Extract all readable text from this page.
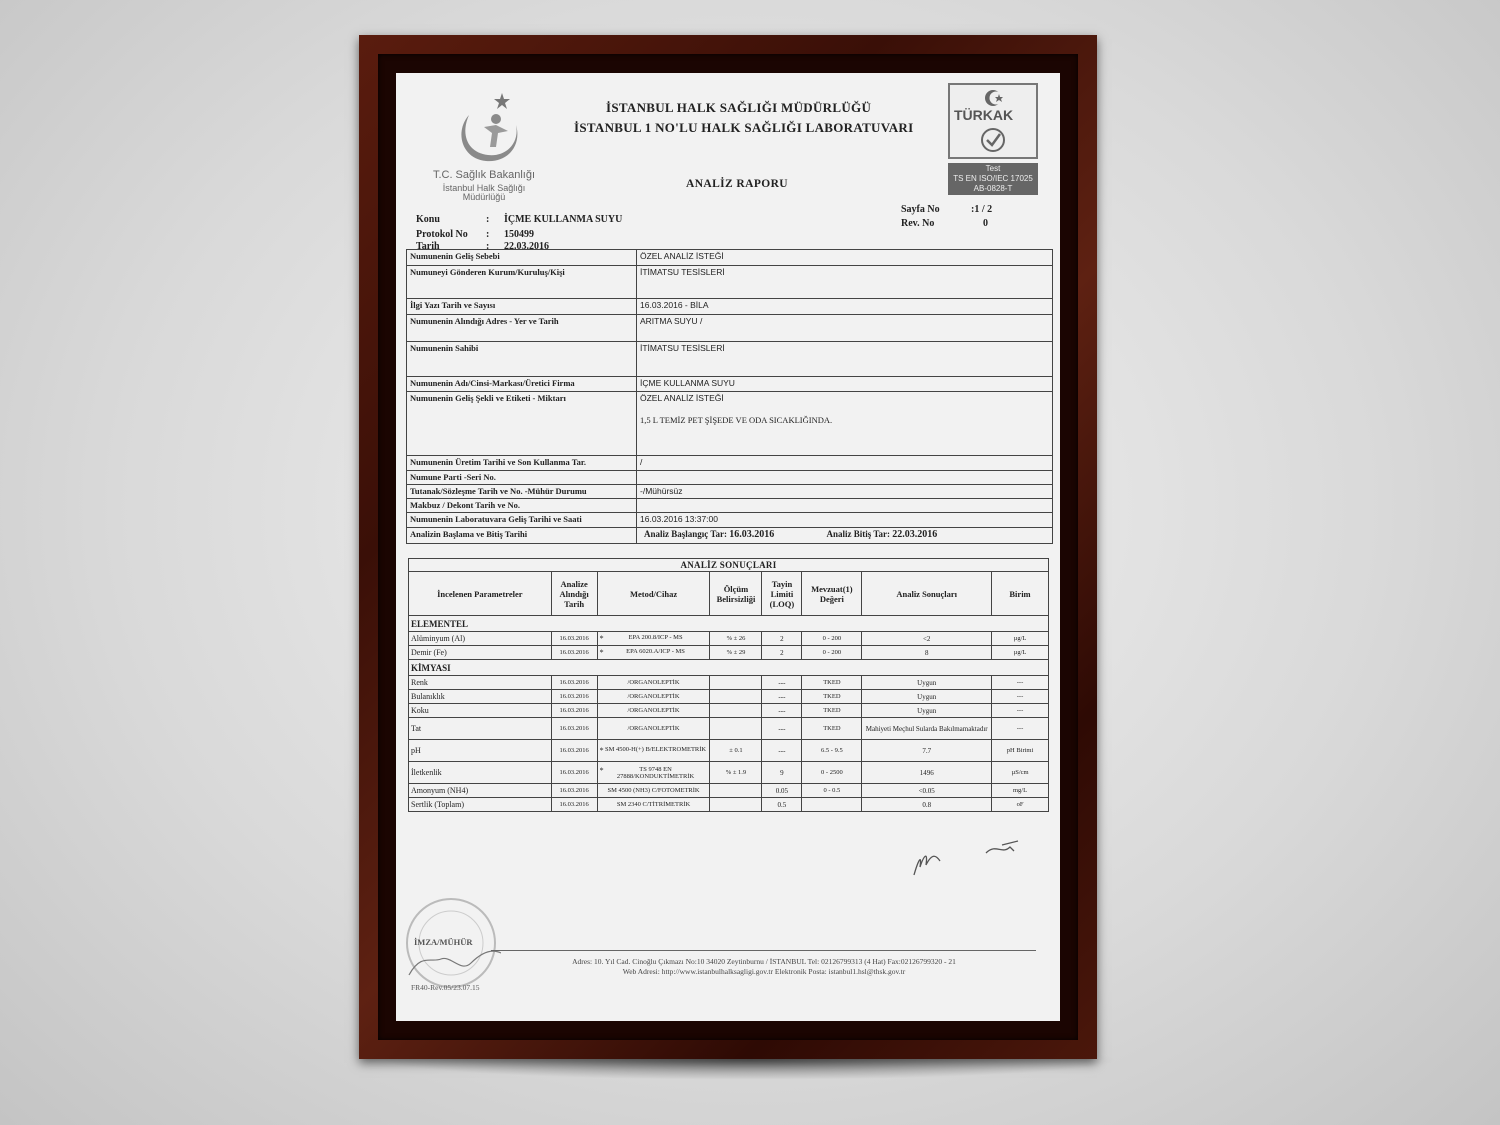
T.C. Sağlık Bakanlığı
İstanbul Halk Sağlığı Müdürlüğü
İSTANBUL HALK SAĞLIĞI MÜDÜRLÜĞÜ
İSTANBUL 1 NO'LU HALK SAĞLIĞI LABORATUVARI
ANALİZ RAPORU
TÜRKAK
Test
TS EN ISO/IEC 17025
AB-0828-T
Konu	: İÇME KULLANMA SUYU
Protokol No : 150499
Tarih	: 22.03.2016
Sayfa No	:1 / 2
Rev. No	0
Numunenin Geliş Sebebi	ÖZEL ANALİZ İSTEĞİ
Numuneyi Gönderen Kurum/Kuruluş/Kişi	İTİMATSU TESİSLERİ
İlgi Yazı Tarih ve Sayısı	16.03.2016 - BİLA
Numunenin Alındığı Adres - Yer ve Tarih	ARITMA SUYU /
Numunenin Sahibi	İTİMATSU TESİSLERİ
Numunenin Adı/Cinsi-Markası/Üretici Firma	İÇME KULLANMA SUYU
Numunenin Geliş Şekli ve Etiketi - Miktarı	ÖZEL ANALİZ İSTEĞİ
1,5 L TEMİZ PET ŞİŞEDE VE ODA SICAKLIĞINDA.

Numunenin Üretim Tarihi ve Son Kullanma Tar.	/
Numune Parti -Seri No.	
Tutanak/Sözleşme Tarih ve No. -Mühür Durumu	-/Mühürsüz
Makbuz / Dekont Tarih ve No.	
Numunenin Laboratuvara Geliş Tarihi ve Saati	16.03.2016 13:37:00
Analizin Başlama ve Bitiş Tarihi	Analiz Başlangıç Tar: 16.03.2016 Analiz Bitiş Tar: 22.03.2016
ANALİZ SONUÇLARI							
İncelenen Parametreler	Analize Alındığı Tarih	Metod/Cihaz	Ölçüm Belirsizliği	Tayin Limiti (LOQ)	Mevzuat(1) Değeri	Analiz Sonuçları	Birim
ELEMENTEL							
Alüminyum (Al)	16.03.2016	* EPA 200.8/ICP - MS	% ± 26	2	0 - 200	<2	µg/L
Demir (Fe)	16.03.2016	* EPA 6020.A/ICP - MS	% ± 29	2	0 - 200	8	µg/L
KİMYASI							
Renk	16.03.2016	/ORGANOLEPTİK		---	TKED	Uygun	---
Bulanıklık	16.03.2016	/ORGANOLEPTİK		---	TKED	Uygun	---
Koku	16.03.2016	/ORGANOLEPTİK		---	TKED	Uygun	---
Tat	16.03.2016	/ORGANOLEPTİK		---	TKED	Mahiyeti Meçhul Sularda Bakılmamaktadır	---
pH	16.03.2016	* SM 4500-H(+) B/ELEKTROMETRİK	± 0.1	---	6.5 - 9.5	7.7	pH Birimi
İletkenlik	16.03.2016	* TS 9748 EN 27888/KONDUKTİMETRİK	% ± 1.9	9	0 - 2500	1496	µS/cm
Amonyum (NH4)	16.03.2016	SM 4500 (NH3) C/FOTOMETRİK		0.05	0 - 0.5	<0.05	mg/L
Sertlik (Toplam)	16.03.2016	SM 2340 C/TİTRİMETRİK		0.5		0.8	oF
İMZA/MÜHÜR
Adres: 10. Yıl Cad. Cinoğlu Çıkmazı No:10 34020 Zeytinburnu / İSTANBUL Tel: 02126799313 (4 Hat) Fax:02126799320 - 21
Web Adresi: http://www.istanbulhalksagligi.gov.tr Elektronik Posta: istanbul1.hsl@thsk.gov.tr
FR40-Rev.05/23.07.15
